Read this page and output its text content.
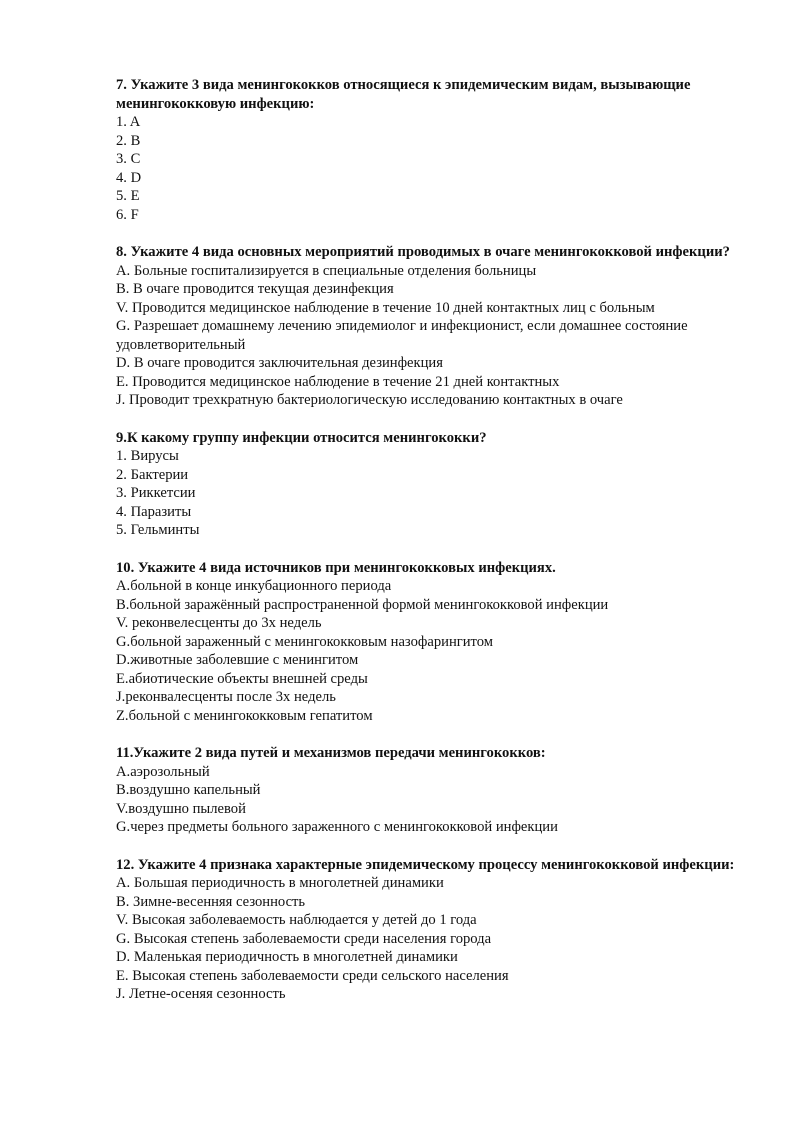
7. Укажите 3 вида менингококков относящиеся к эпидемическим видам, вызывающие менингококковую инфекцию:

1. A
2. B
3. C
4. D
5. E
6. F

8. Укажите 4 вида основных мероприятий проводимых в очаге менингококковой инфекции?

A. Больные госпитализируется в специальные отделения больницы
B. В очаге проводится текущая дезинфекция
V. Проводится медицинское наблюдение в течение 10 дней контактных лиц с больным
G. Разрешает домашнему лечению эпидемиолог и инфекционист, если домашнее состояние удовлетворительный
D. В очаге проводится заключительная дезинфекция
E. Проводится медицинское наблюдение в течение 21 дней контактных
J. Проводит трехкратную бактериологическую исследованию контактных в очаге

9.К какому группу инфекции относится менингококки?

1. Вирусы
2. Бактерии
3. Риккетсии
4. Паразиты
5. Гельминты

10. Укажите 4 вида источников при менингококковых инфекциях.

A.больной в конце инкубационного периода
B.больной заражённый распространенной формой менингококковой инфекции
V. реконвелесценты до 3х недель
G.больной зараженный с менингококковым назофарингитом
D.животные заболевшие с менингитом
E.абиотические объекты внешней среды
J.реконвалесценты после 3х недель
Z.больной с менингококковым гепатитом

11.Укажите 2 вида путей и механизмов передачи менингококков:

A.аэрозольный
B.воздушно капельный
V.воздушно пылевой
G.через предметы больного зараженного с менингококковой инфекции

12. Укажите 4 признака характерные эпидемическому процессу менингококковой инфекции:

A. Большая периодичность в многолетней динамики
B. Зимне-весенняя сезонность
V. Высокая заболеваемость наблюдается у детей до 1 года
G. Высокая степень заболеваемости среди населения города
D. Маленькая периодичность в многолетней динамики
E. Высокая степень заболеваемости среди сельского населения
J. Летне-осеняя сезонность
